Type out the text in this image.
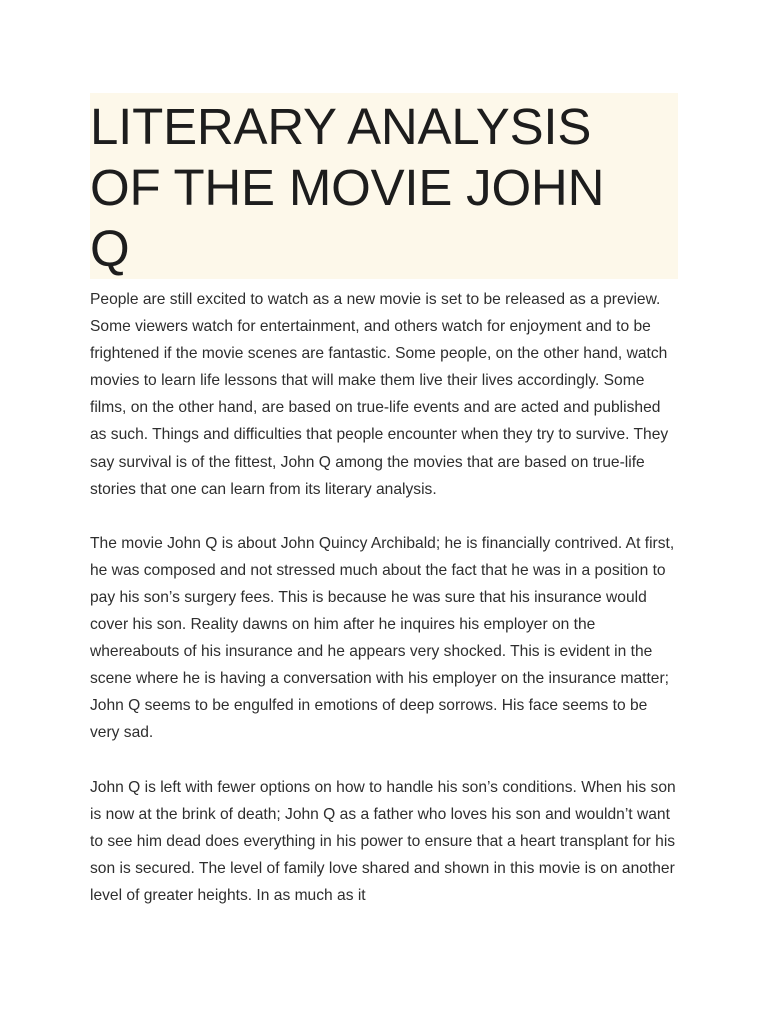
LITERARY ANALYSIS OF THE MOVIE JOHN Q

People are still excited to watch as a new movie is set to be released as a preview. Some viewers watch for entertainment, and others watch for enjoyment and to be frightened if the movie scenes are fantastic. Some people, on the other hand, watch movies to learn life lessons that will make them live their lives accordingly. Some films, on the other hand, are based on true-life events and are acted and published as such. Things and difficulties that people encounter when they try to survive. They say survival is of the fittest, John Q among the movies that are based on true-life stories that one can learn from its literary analysis.

The movie John Q is about John Quincy Archibald; he is financially contrived. At first, he was composed and not stressed much about the fact that he was in a position to pay his son’s surgery fees. This is because he was sure that his insurance would cover his son. Reality dawns on him after he inquires his employer on the whereabouts of his insurance and he appears very shocked. This is evident in the scene where he is having a conversation with his employer on the insurance matter; John Q seems to be engulfed in emotions of deep sorrows. His face seems to be very sad.

John Q is left with fewer options on how to handle his son’s conditions. When his son is now at the brink of death; John Q as a father who loves his son and wouldn’t want to see him dead does everything in his power to ensure that a heart transplant for his son is secured. The level of family love shared and shown in this movie is on another level of greater heights. In as much as it
